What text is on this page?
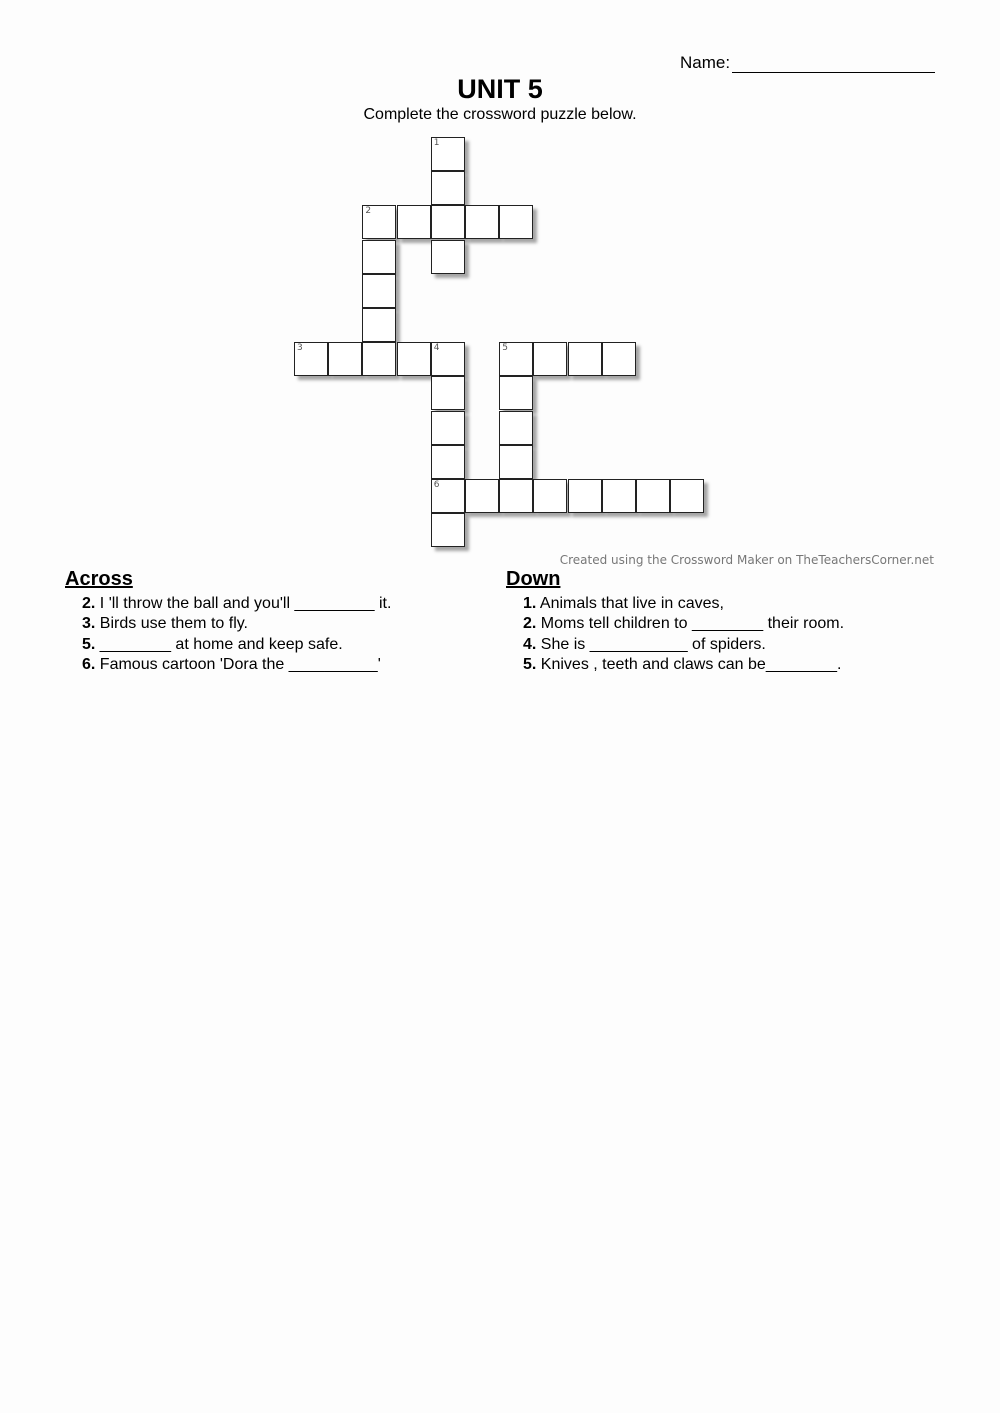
Name:
UNIT 5
Complete the crossword puzzle below.
1
2
3	4	5
6
Created using the Crossword Maker on TheTeachersCorner.net
Across
2. I 'll throw the ball and you'll _________ it.
3. Birds use them to fly.
5. ________ at home and keep safe.
6. Famous cartoon 'Dora the __________'
Down
1. Animals that live in caves,
2. Moms tell children to ________ their room.
4. She is ___________ of spiders.
5. Knives , teeth and claws can be________.
